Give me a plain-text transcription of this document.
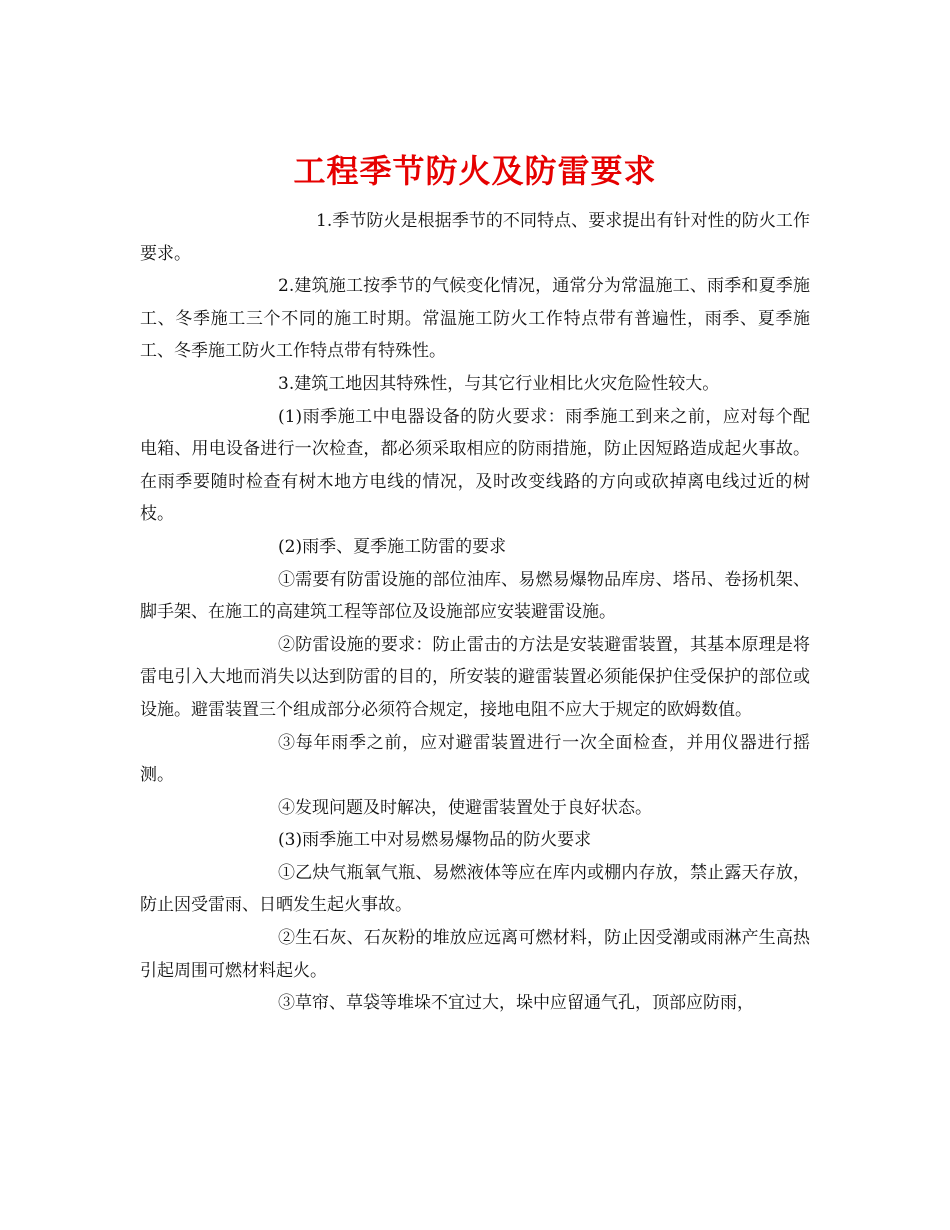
工程季节防火及防雷要求

1.季节防火是根据季节的不同特点、要求提出有针对性的防火工作要求。

2.建筑施工按季节的气候变化情况，通常分为常温施工、雨季和夏季施工、冬季施工三个不同的施工时期。常温施工防火工作特点带有普遍性，雨季、夏季施工、冬季施工防火工作特点带有特殊性。

3.建筑工地因其特殊性，与其它行业相比火灾危险性较大。

(1)雨季施工中电器设备的防火要求：雨季施工到来之前，应对每个配电箱、用电设备进行一次检查，都必须采取相应的防雨措施，防止因短路造成起火事故。在雨季要随时检查有树木地方电线的情况，及时改变线路的方向或砍掉离电线过近的树枝。

(2)雨季、夏季施工防雷的要求

①需要有防雷设施的部位油库、易燃易爆物品库房、塔吊、卷扬机架、脚手架、在施工的高建筑工程等部位及设施部应安装避雷设施。

②防雷设施的要求：防止雷击的方法是安装避雷装置，其基本原理是将雷电引入大地而消失以达到防雷的目的，所安装的避雷装置必须能保护住受保护的部位或设施。避雷装置三个组成部分必须符合规定，接地电阻不应大于规定的欧姆数值。

③每年雨季之前，应对避雷装置进行一次全面检查，并用仪器进行摇测。

④发现问题及时解决，使避雷装置处于良好状态。

(3)雨季施工中对易燃易爆物品的防火要求

①乙炔气瓶氧气瓶、易燃液体等应在库内或棚内存放，禁止露天存放，防止因受雷雨、日晒发生起火事故。

②生石灰、石灰粉的堆放应远离可燃材料，防止因受潮或雨淋产生高热引起周围可燃材料起火。

③草帘、草袋等堆垛不宜过大，垛中应留通气孔，顶部应防雨，
